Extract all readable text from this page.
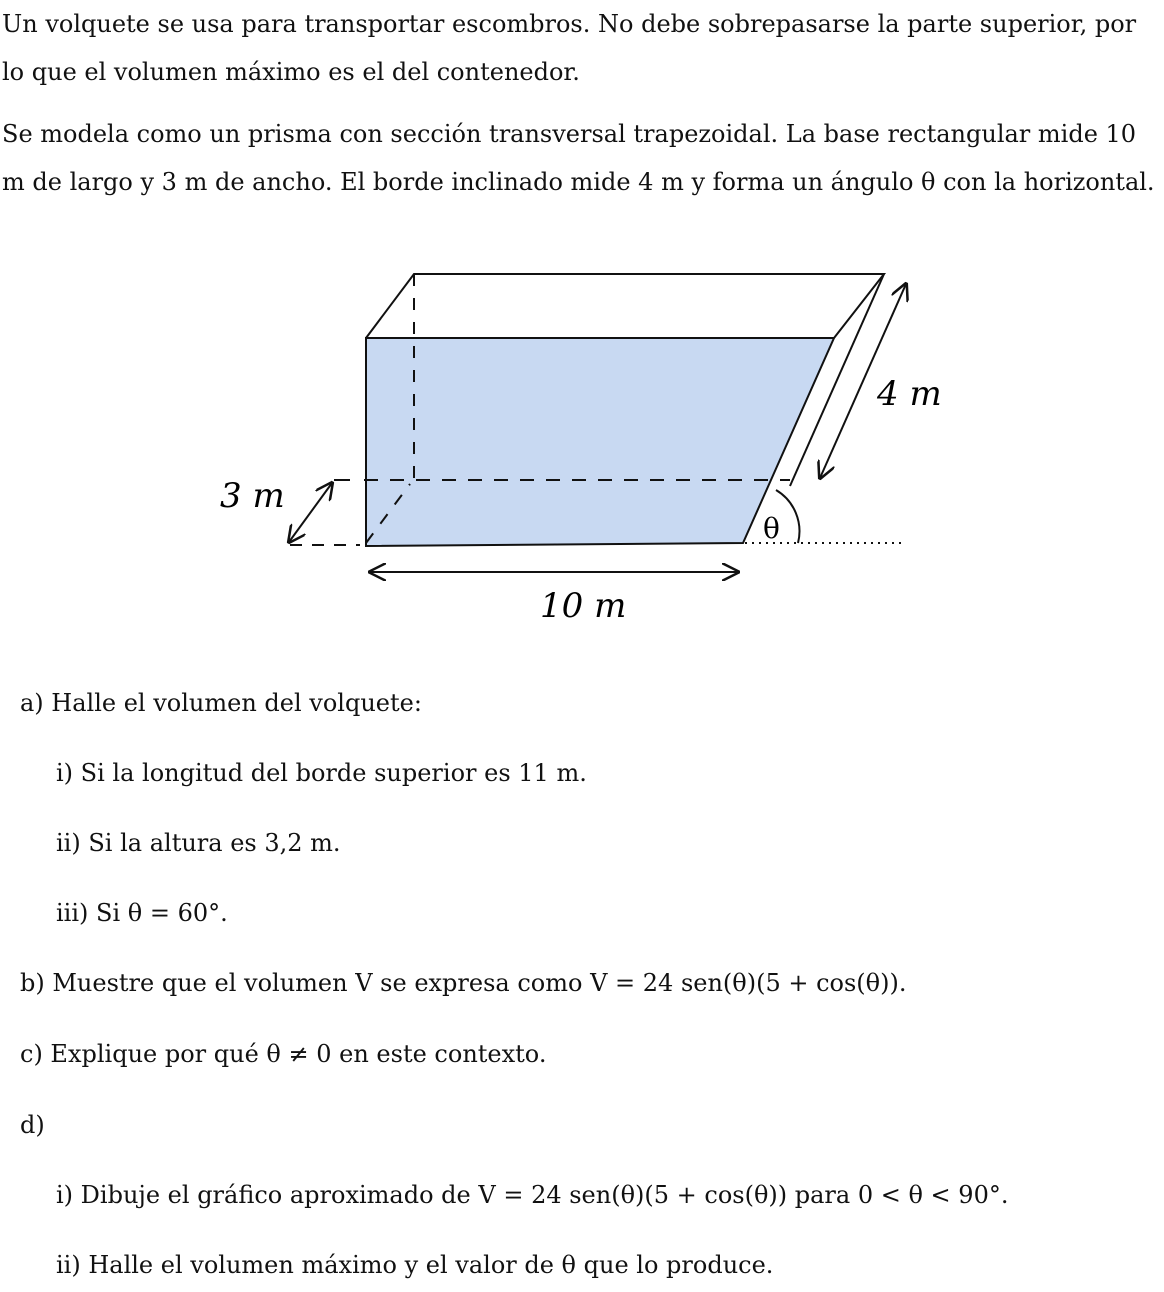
Un volquete se usa para transportar escombros. No debe sobrepasarse la parte superior, por lo que el volumen máximo es el del contenedor.

Se modela como un prisma con sección transversal trapezoidal. La base rectangular mide 10 m de largo y 3 m de ancho. El borde inclinado mide 4 m y forma un ángulo θ con la horizontal.

3 m
10 m
4 m
θ

a) Halle el volumen del volquete:

i) Si la longitud del borde superior es 11 m.

ii) Si la altura es 3,2 m.

iii) Si θ = 60°.

b) Muestre que el volumen V se expresa como V = 24 sen(θ)(5 + cos(θ)).

c) Explique por qué θ ≠ 0 en este contexto.

d)

i) Dibuje el gráfico aproximado de V = 24 sen(θ)(5 + cos(θ)) para 0 < θ < 90°.

ii) Halle el volumen máximo y el valor de θ que lo produce.
